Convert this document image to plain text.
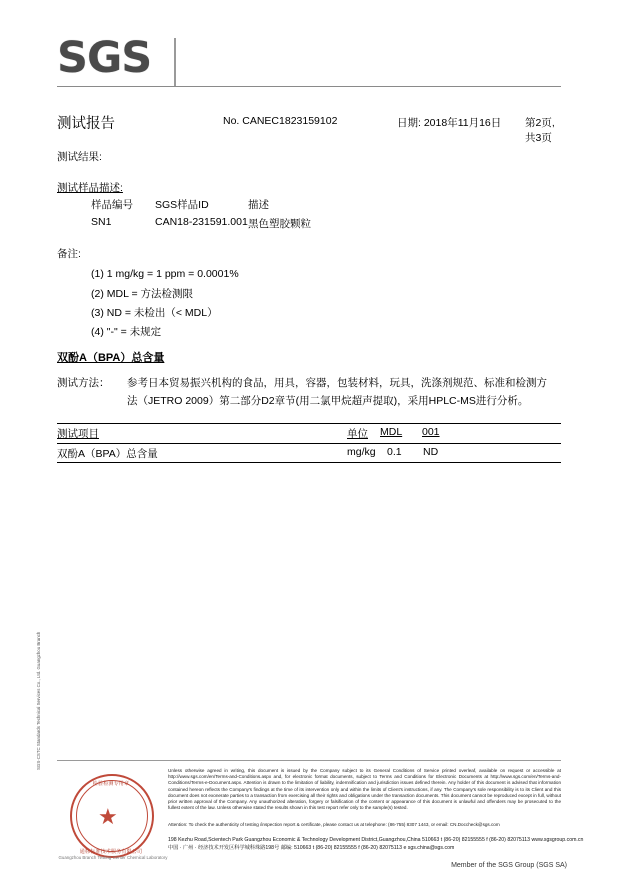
SGS
测试报告	No. CANEC1823159102	日期: 2018年11月16日 第2页,共3页
测试结果:
测试样品描述:
样品编号 SGS样品ID	描述
SN1	CAN18-231591.001 黑色塑胶颗粒
备注:
(1) 1 mg/kg = 1 ppm = 0.0001%
(2) MDL = 方法检测限
(3) ND = 未检出（< MDL）
(4) "-" = 未规定
双酚A（BPA）总含量
测试方法： 参考日本贸易振兴机构的食品，用具，容器，包装材料，玩具，洗涤剂规范、标准和检测方
法（JETRO 2009）第二部分D2章节(用二氯甲烷超声提取)，采用HPLC-MS进行分析。
测试项目	单位 MDL 001
双酚A（BPA）总含量	mg/kg 0.1 ND
SGS-CSTC Standards Technical Services Co., Ltd. Guangzhou Branch
检验检测专用章
★
通标标准技术服务有限公司
Guangzhou Branch Testing Center Chemical Laboratory
Unless otherwise agreed in writing, this document is issued by the Company subject to its General Conditions of Service printed overleaf, available on request or accessible at http://www.sgs.com/en/Terms-and-Conditions.aspx and, for electronic format documents, subject to Terms and Conditions for Electronic Documents at http://www.sgs.com/en/Terms-and-Conditions/Terms-e-Document.aspx. Attention is drawn to the limitation of liability, indemnification and jurisdiction issues defined therein. Any holder of this document is advised that information contained hereon reflects the Company's findings at the time of its intervention only and within the limits of Client's instructions, if any. The Company's sole responsibility is to its Client and this document does not exonerate parties to a transaction from exercising all their rights and obligations under the transaction documents. This document cannot be reproduced except in full, without prior written approval of the Company. Any unauthorized alteration, forgery or falsification of the content or appearance of this document is unlawful and offenders may be prosecuted to the fullest extent of the law. Unless otherwise stated the results shown in this test report refer only to the sample(s) tested.
Attention: To check the authenticity of testing /inspection report & certificate, please contact us at telephone: (86-755) 8307 1443, or email: CN.Doccheck@sgs.com
198 Kezhu Road,Scientech Park Guangzhou Economic & Technology Development District,Guangzhou,China 510663 t (86-20) 82155555 f (86-20) 82075113 www.sgsgroup.com.cn
中国 · 广州 · 经济技术开发区科学城科珠路198号 邮编: 510663 t (86-20) 82155555 f (86-20) 82075113 e sgs.china@sgs.com
Member of the SGS Group (SGS SA)
